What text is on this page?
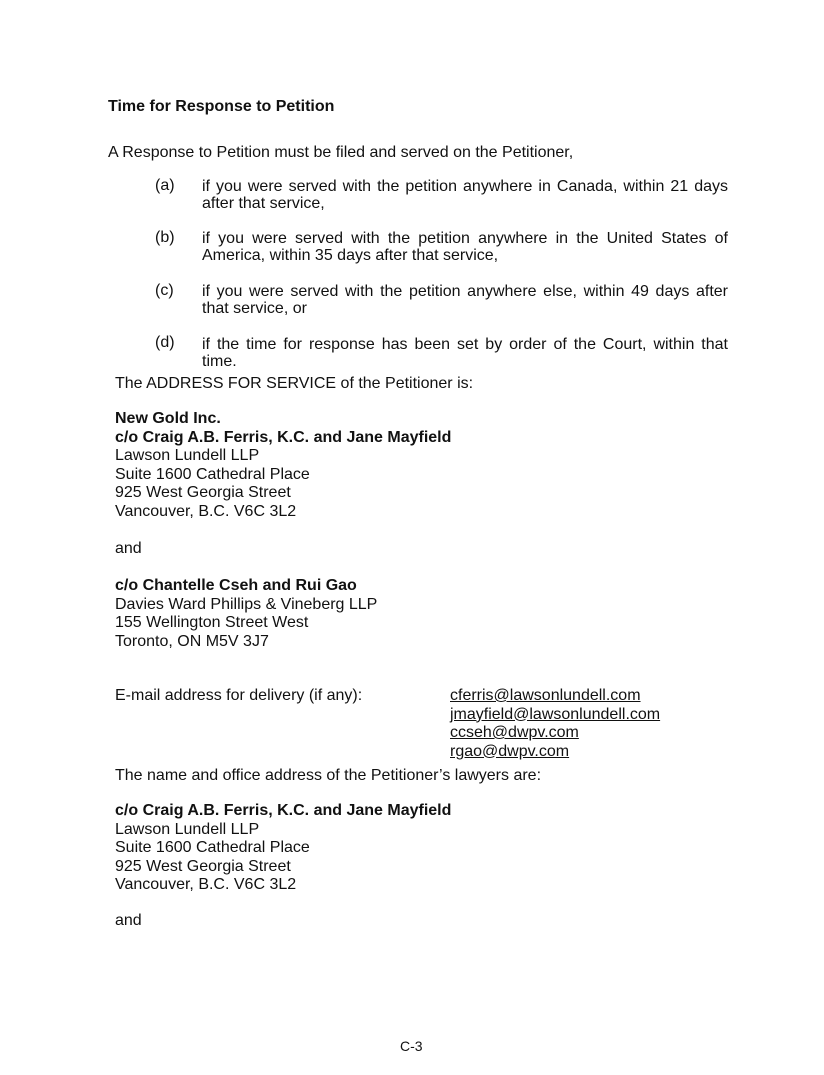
Time for Response to Petition
A Response to Petition must be filed and served on the Petitioner,
(a) if you were served with the petition anywhere in Canada, within 21 days after that service,
(b) if you were served with the petition anywhere in the United States of America, within 35 days after that service,
(c) if you were served with the petition anywhere else, within 49 days after that service, or
(d) if the time for response has been set by order of the Court, within that time.
The ADDRESS FOR SERVICE of the Petitioner is:
New Gold Inc.
c/o Craig A.B. Ferris, K.C. and Jane Mayfield
Lawson Lundell LLP
Suite 1600 Cathedral Place
925 West Georgia Street
Vancouver, B.C. V6C 3L2
and
c/o Chantelle Cseh and Rui Gao
Davies Ward Phillips & Vineberg LLP
155 Wellington Street West
Toronto, ON M5V 3J7
E-mail address for delivery (if any):	cferris@lawsonlundell.com
jmayfield@lawsonlundell.com
ccseh@dwpv.com
rgao@dwpv.com
The name and office address of the Petitioner’s lawyers are:
c/o Craig A.B. Ferris, K.C. and Jane Mayfield
Lawson Lundell LLP
Suite 1600 Cathedral Place
925 West Georgia Street
Vancouver, B.C. V6C 3L2
and
C-3
